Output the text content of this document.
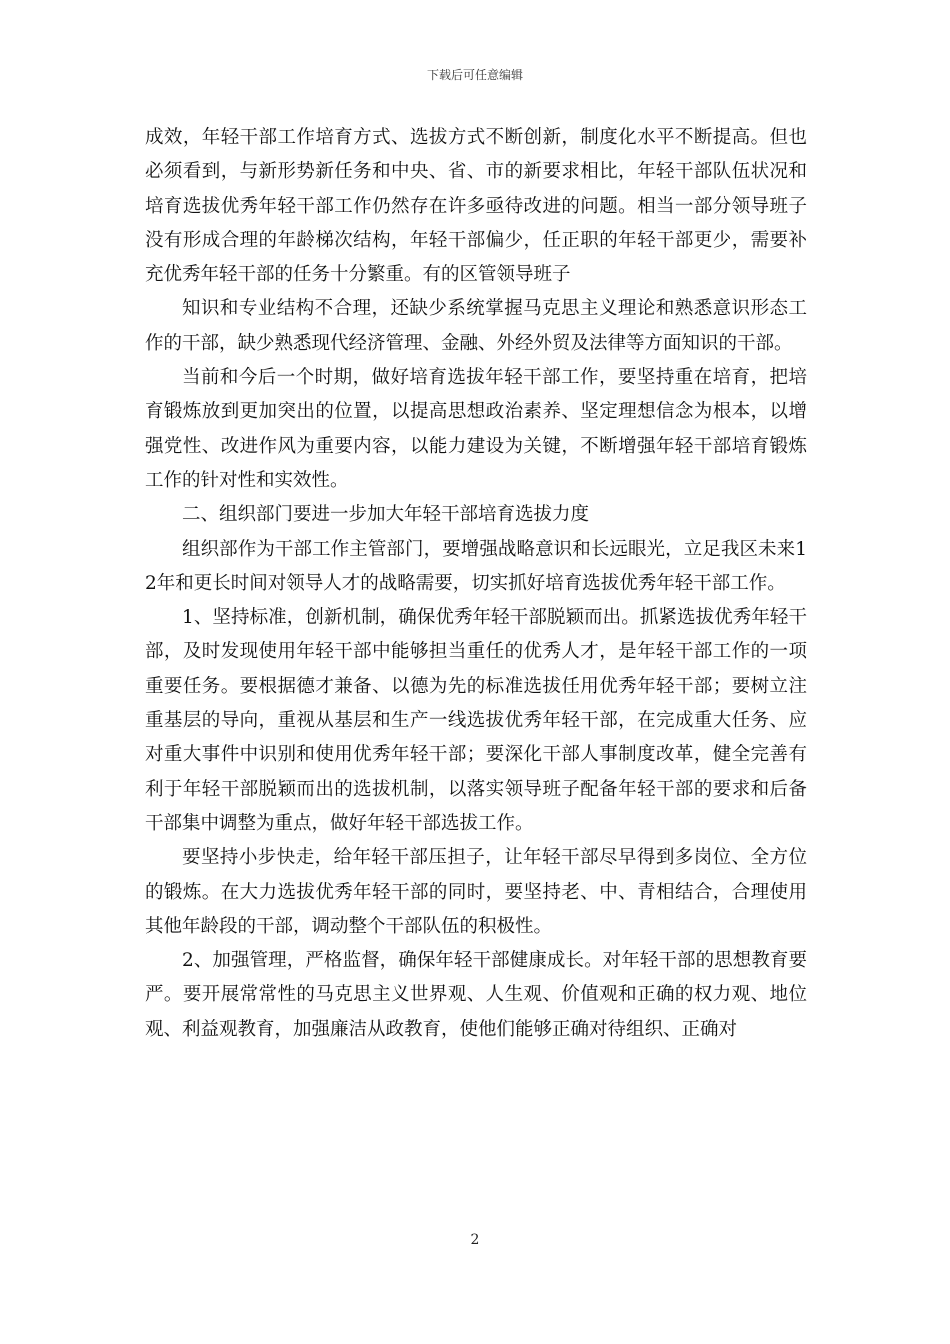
下载后可任意编辑

成效，年轻干部工作培育方式、选拔方式不断创新，制度化水平不断提高。但也必须看到，与新形势新任务和中央、省、市的新要求相比，年轻干部队伍状况和培育选拔优秀年轻干部工作仍然存在许多亟待改进的问题。相当一部分领导班子没有形成合理的年龄梯次结构，年轻干部偏少，任正职的年轻干部更少，需要补充优秀年轻干部的任务十分繁重。有的区管领导班子

知识和专业结构不合理，还缺少系统掌握马克思主义理论和熟悉意识形态工作的干部，缺少熟悉现代经济管理、金融、外经外贸及法律等方面知识的干部。

当前和今后一个时期，做好培育选拔年轻干部工作，要坚持重在培育，把培育锻炼放到更加突出的位置，以提高思想政治素养、坚定理想信念为根本，以增强党性、改进作风为重要内容，以能力建设为关键，不断增强年轻干部培育锻炼工作的针对性和实效性。

二、组织部门要进一步加大年轻干部培育选拔力度

组织部作为干部工作主管部门，要增强战略意识和长远眼光，立足我区未来12年和更长时间对领导人才的战略需要，切实抓好培育选拔优秀年轻干部工作。

1、坚持标准，创新机制，确保优秀年轻干部脱颖而出。抓紧选拔优秀年轻干部，及时发现使用年轻干部中能够担当重任的优秀人才，是年轻干部工作的一项重要任务。要根据德才兼备、以德为先的标准选拔任用优秀年轻干部；要树立注重基层的导向，重视从基层和生产一线选拔优秀年轻干部，在完成重大任务、应对重大事件中识别和使用优秀年轻干部；要深化干部人事制度改革，健全完善有利于年轻干部脱颖而出的选拔机制，以落实领导班子配备年轻干部的要求和后备干部集中调整为重点，做好年轻干部选拔工作。

要坚持小步快走，给年轻干部压担子，让年轻干部尽早得到多岗位、全方位的锻炼。在大力选拔优秀年轻干部的同时，要坚持老、中、青相结合，合理使用其他年龄段的干部，调动整个干部队伍的积极性。

2、加强管理，严格监督，确保年轻干部健康成长。对年轻干部的思想教育要严。要开展常常性的马克思主义世界观、人生观、价值观和正确的权力观、地位观、利益观教育，加强廉洁从政教育，使他们能够正确对待组织、正确对

2
